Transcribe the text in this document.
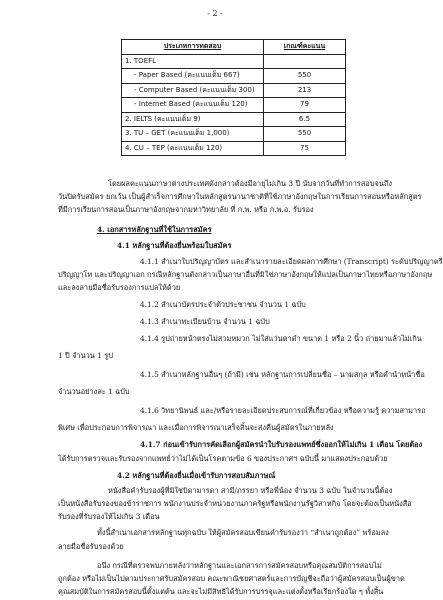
- 2 -
ประเภทการทดสอบ	เกณฑ์คะแนน
1. TOEFL	
- Paper Based (คะแนนเต็ม 667)	550
- Computer Based (คะแนนเต็ม 300)	213
- Internet Based (คะแนนเต็ม 120)	79
2. IELTS (คะแนนเต็ม 9)	6.5
3. TU – GET (คะแนนเต็ม 1,000)	550
4. CU – TEP (คะแนนเต็ม 120)	75
โดยผลคะแนนภาษาต่างประเทศดังกล่าวต้องมีอายุไม่เกิน 3 ปี นับจากวันที่ทำการสอบจนถึง
วันปิดรับสมัคร ยกเว้น เป็นผู้สำเร็จการศึกษาในหลักสูตรนานาชาติที่ใช้ภาษาอังกฤษในการเรียนการสอนหรือหลักสูตร
ที่มีการเรียนการสอนเป็นภาษาอังกฤษจากมหาวิทยาลัย ที่ ก.พ. หรือ ก.พ.อ. รับรอง
4. เอกสารหลักฐานที่ใช้ในการสมัคร
4.1 หลักฐานที่ต้องยื่นพร้อมใบสมัคร
4.1.1 สำเนาใบปริญญาบัตร และสำเนารายละเอียดผลการศึกษา (Transcript) ระดับปริญญาตรี
ปริญญาโท และปริญญาเอก กรณีหลักฐานดังกล่าวเป็นภาษาอื่นที่มิใช่ภาษาอังกฤษให้แปลเป็นภาษาไทยหรือภาษาอังกฤษ
และลงลายมือชื่อรับรองการแปลให้ด้วย
4.1.2 สำเนาบัตรประจำตัวประชาชน จำนวน 1 ฉบับ
4.1.3 สำเนาทะเบียนบ้าน จำนวน 1 ฉบับ
4.1.4 รูปถ่ายหน้าตรงไม่สวมหมวก ไม่ใส่แว่นตาดำ ขนาด 1 หรือ 2 นิ้ว ถ่ายมาแล้วไม่เกิน
1 ปี จำนวน 1 รูป
4.1.5 สำเนาหลักฐานอื่นๆ (ถ้ามี) เช่น หลักฐานการเปลี่ยนชื่อ – นามสกุล หรือคำนำหน้าชื่อ
จำนวนอย่างละ 1 ฉบับ
4.1.6 วิทยานิพนธ์ และ/หรือรายละเอียดประสบการณ์ที่เกี่ยวข้อง หรือความรู้ ความสามารถ
พิเศษ เพื่อประกอบการพิจารณา และเมื่อการพิจารณาเสร็จสิ้นจะส่งคืนผู้สมัครในภายหลัง
4.1.7 ก่อนเข้ารับการคัดเลือกผู้สมัครนำใบรับรองแพทย์ซึ่งออกให้ไม่เกิน 1 เดือน โดยต้อง
ได้รับการตรวจและรับรองจากแพทย์ว่าไม่ได้เป็นโรคตามข้อ 6 ของประกาศฯ ฉบับนี้ มาแสดงประกอบด้วย
4.2 หลักฐานที่ต้องยื่นเมื่อเข้ารับการสอบสัมภาษณ์
หนังสือคำรับรองผู้ที่มิใช่บิดามารดา สามี/ภรรยา หรือพี่น้อง จำนวน 3 ฉบับ ในจำนวนนี้ต้อง
เป็นหนังสือรับรองของข้าราชการ พนักงานประจำหน่วยงานภาครัฐหรือพนักงานรัฐวิสาหกิจ โดยจะต้องเป็นหนังสือ
รับรองที่รับรองให้ไม่เกิน 3 เดือน
ทั้งนี้สำเนาเอกสารหลักฐานทุกฉบับ ให้ผู้สมัครสอบเขียนคำรับรองว่า “สำเนาถูกต้อง” พร้อมลง
ลายมือชื่อรับรองด้วย
อนึ่ง กรณีที่ตรวจพบภายหลังว่าหลักฐานและเอกสารการสมัครสอบหรือคุณสมบัติการสอบไม่
ถูกต้อง หรือไม่เป็นไปตามประกาศรับสมัครสอบ คณะพาณิชยศาสตร์และการบัญชีจะถือว่าผู้สมัครสอบเป็นผู้ขาด
คุณสมบัติในการสมัครสอบนี้ตั้งแต่ต้น และจะไม่มีสิทธิได้รับการบรรจุและแต่งตั้งหรือเรียกร้องใด ๆ ทั้งสิ้น
